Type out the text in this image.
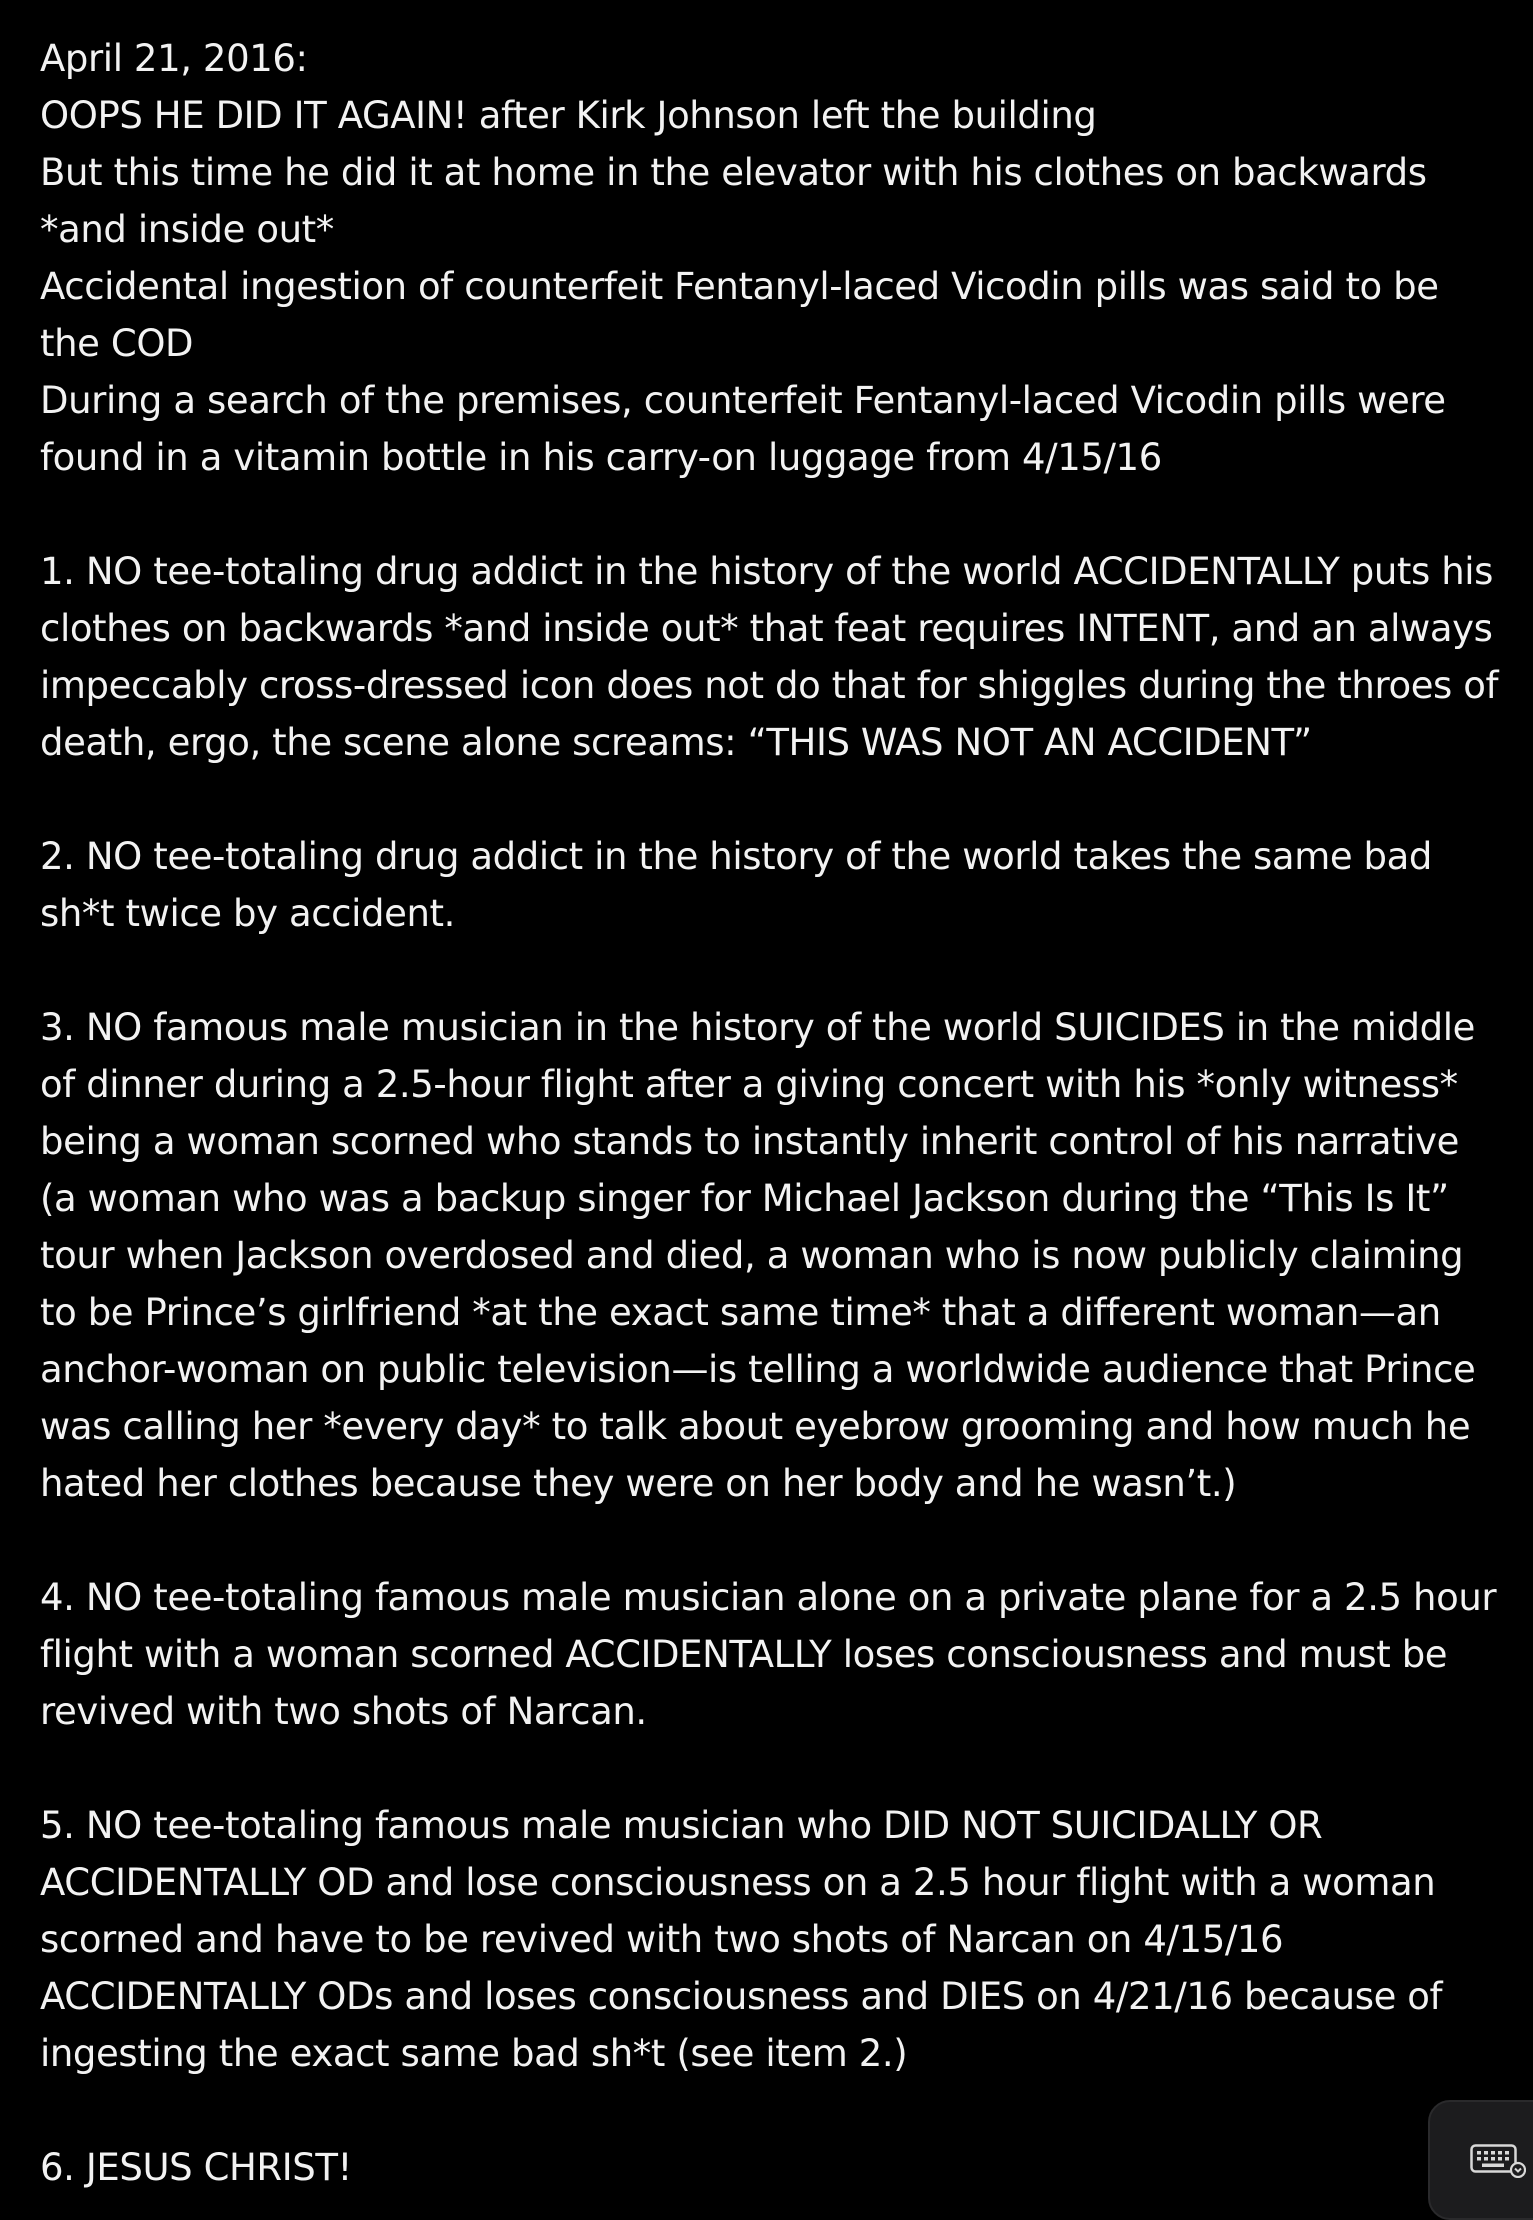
April 21, 2016:

OOPS HE DID IT AGAIN! after Kirk Johnson left the building

But this time he did it at home in the elevator with his clothes on backwards *and inside out*

Accidental ingestion of counterfeit Fentanyl-laced Vicodin pills was said to be the COD

During a search of the premises, counterfeit Fentanyl-laced Vicodin pills were found in a vitamin bottle in his carry-on luggage from 4/15/16

1. NO tee-totaling drug addict in the history of the world ACCIDENTALLY puts his clothes on backwards *and inside out* that feat requires INTENT, and an always impeccably cross-dressed icon does not do that for shiggles during the throes of death, ergo, the scene alone screams: “THIS WAS NOT AN ACCIDENT”

2. NO tee-totaling drug addict in the history of the world takes the same bad sh*t twice by accident.

3. NO famous male musician in the history of the world SUICIDES in the middle of dinner during a 2.5-hour flight after a giving concert with his *only witness* being a woman scorned who stands to instantly inherit control of his narrative (a woman who was a backup singer for Michael Jackson during the “This Is It” tour when Jackson overdosed and died, a woman who is now publicly claiming to be Prince’s girlfriend *at the exact same time* that a different woman—an anchor-woman on public television—is telling a worldwide audience that Prince was calling her *every day* to talk about eyebrow grooming and how much he hated her clothes because they were on her body and he wasn’t.)

4. NO tee-totaling famous male musician alone on a private plane for a 2.5 hour flight with a woman scorned ACCIDENTALLY loses consciousness and must be revived with two shots of Narcan.

5. NO tee-totaling famous male musician who DID NOT SUICIDALLY OR ACCIDENTALLY OD and lose consciousness on a 2.5 hour flight with a woman scorned and have to be revived with two shots of Narcan on 4/15/16 ACCIDENTALLY ODs and loses consciousness and DIES on 4/21/16 because of ingesting the exact same bad sh*t (see item 2.)

6. JESUS CHRIST!
